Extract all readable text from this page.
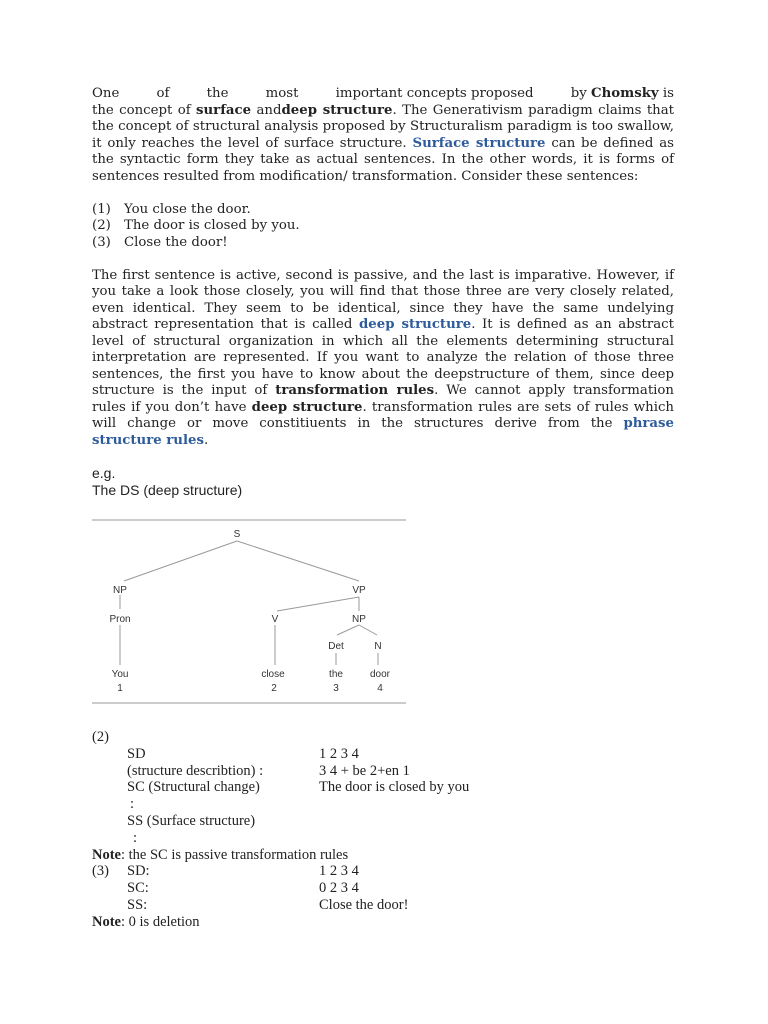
One	of	the	most	important concepts proposed	by Chomsky is

the concept of surface anddeep structure. The Generativism paradigm claims that the concept of structural analysis proposed by Structuralism paradigm is too swallow, it only reaches the level of surface structure. Surface structure can be defined as the syntactic form they take as actual sentences. In the other words, it is forms of sentences resulted from modification/ transformation. Consider these sentences:

(1) You close the door.
(2) The door is closed by you.
(3) Close the door!

The first sentence is active, second is passive, and the last is imparative. However, if you take a look those closely, you will find that those three are very closely related, even identical. They seem to be identical, since they have the same undelying abstract representation that is called deep structure. It is defined as an abstract level of structural organization in which all the elements determining structural interpretation are represented. If you want to analyze the relation of those three sentences, the first you have to know about the deepstructure of them, since deep structure is the input of transformation rules. We cannot apply transformation rules if you don’t have deep structure. transformation rules are sets of rules which will change or move constitiuents in the structures derive from the phrase structure rules.

e.g.
The DS (deep structure)
S
NP	VP
Pron	V	NP
Det	N
You	close	the	door
1	2	3	4
(2)
SD	1 2 3 4
(structure describtion) :	3 4 + be 2+en 1
SC (Structural change)	The door is closed by you
:
SS (Surface structure)
:
Note : the SC is passive transformation rules
(3)	SD:	1 2 3 4
SC:	0 2 3 4
SS:	Close the door!
Note : 0 is deletion
